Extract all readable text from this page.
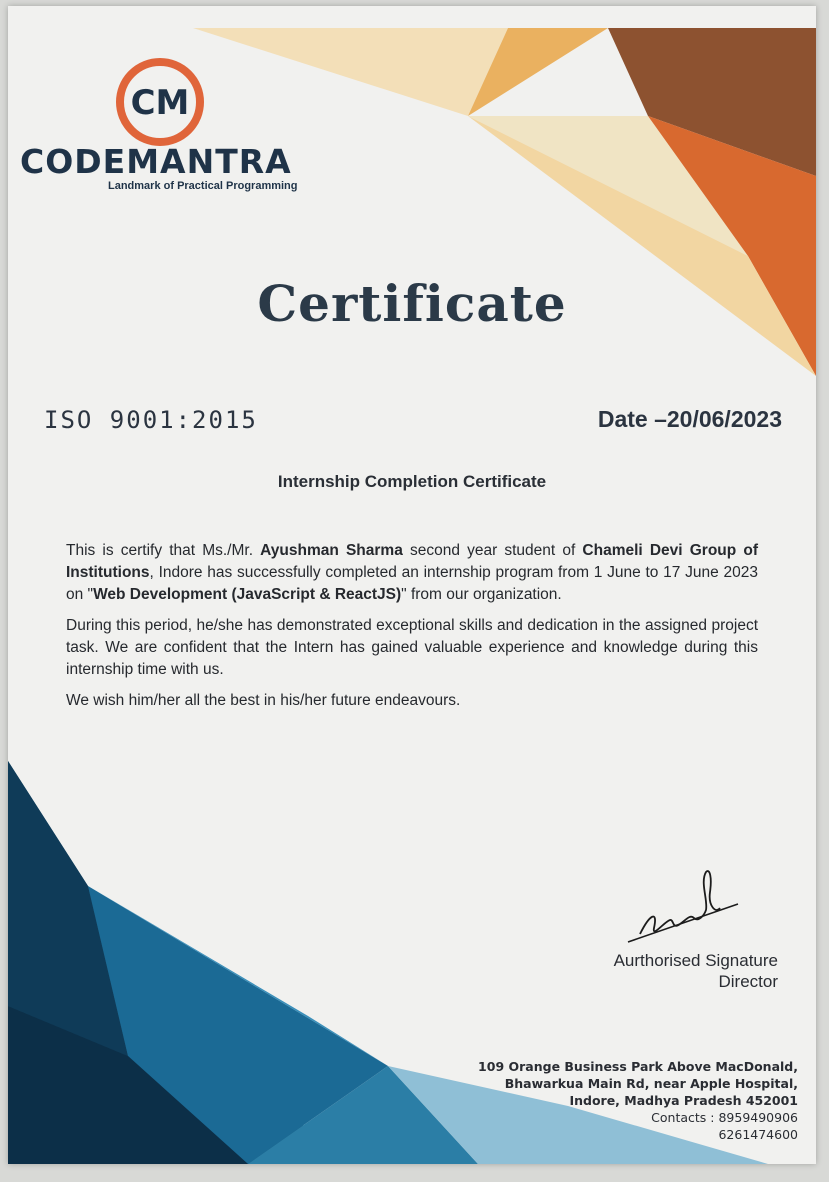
CM
CODEMANTRA
Landmark of Practical Programming
Certificate
ISO 9001:2015	Date –20/06/2023
Internship Completion Certificate

This is certify that Ms./Mr. Ayushman Sharma second year student of Chameli Devi Group of Institutions, Indore has successfully completed an internship program from 1 June to 17 June 2023 on "Web Development (JavaScript & ReactJS)" from our organization.

During this period, he/she has demonstrated exceptional skills and dedication in the assigned project task. We are confident that the Intern has gained valuable experience and knowledge during this internship time with us.

We wish him/her all the best in his/her future endeavours.

Aurthorised Signature
Director
109 Orange Business Park Above MacDonald,
Bhawarkua Main Rd, near Apple Hospital,
Indore, Madhya Pradesh 452001
Contacts : 8959490906
6261474600
